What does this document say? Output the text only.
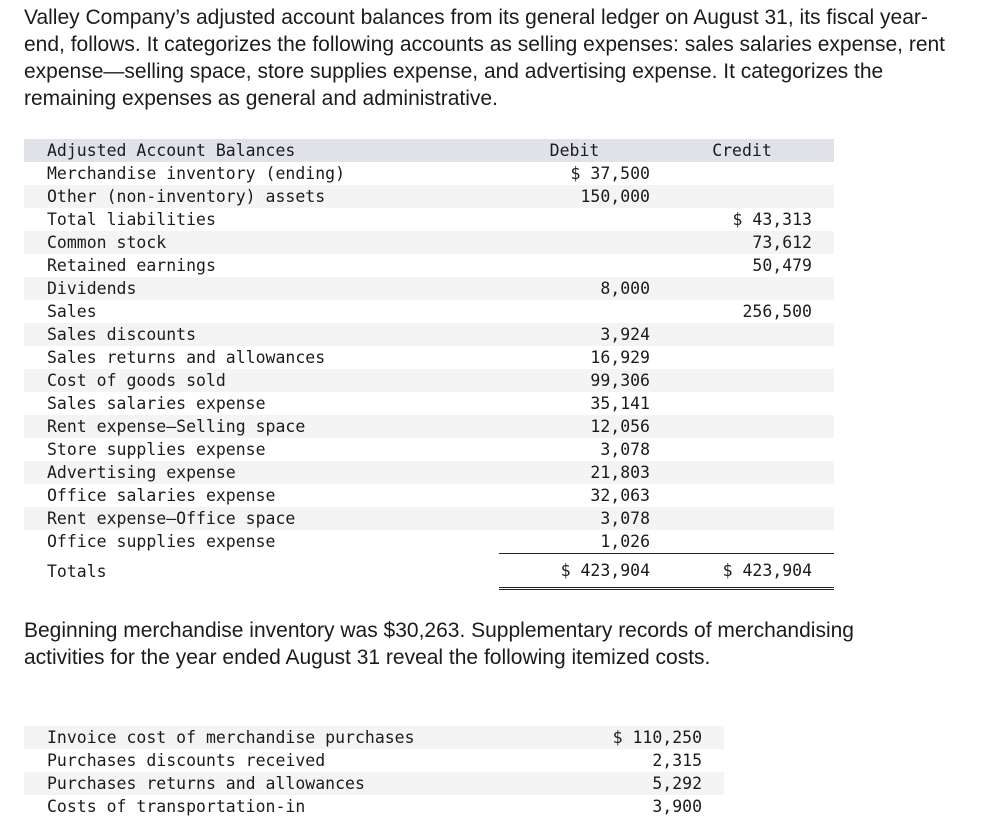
Valley Company’s adjusted account balances from its general ledger on August 31, its fiscal year-end, follows. It categorizes the following accounts as selling expenses: sales salaries expense, rent expense—selling space, store supplies expense, and advertising expense. It categorizes the remaining expenses as general and administrative.

Adjusted Account Balances	Debit	Credit
Merchandise inventory (ending)	$ 37,500	
Other (non-inventory) assets	150,000	
Total liabilities		$ 43,313
Common stock		73,612
Retained earnings		50,479
Dividends	8,000	
Sales		256,500
Sales discounts	3,924	
Sales returns and allowances	16,929	
Cost of goods sold	99,306	
Sales salaries expense	35,141	
Rent expense—Selling space	12,056	
Store supplies expense	3,078	
Advertising expense	21,803	
Office salaries expense	32,063	
Rent expense—Office space	3,078	
Office supplies expense	1,026	
Totals	$ 423,904	$ 423,904

Beginning merchandise inventory was $30,263. Supplementary records of merchandising activities for the year ended August 31 reveal the following itemized costs.

Invoice cost of merchandise purchases	$ 110,250
Purchases discounts received	2,315
Purchases returns and allowances	5,292
Costs of transportation-in	3,900
